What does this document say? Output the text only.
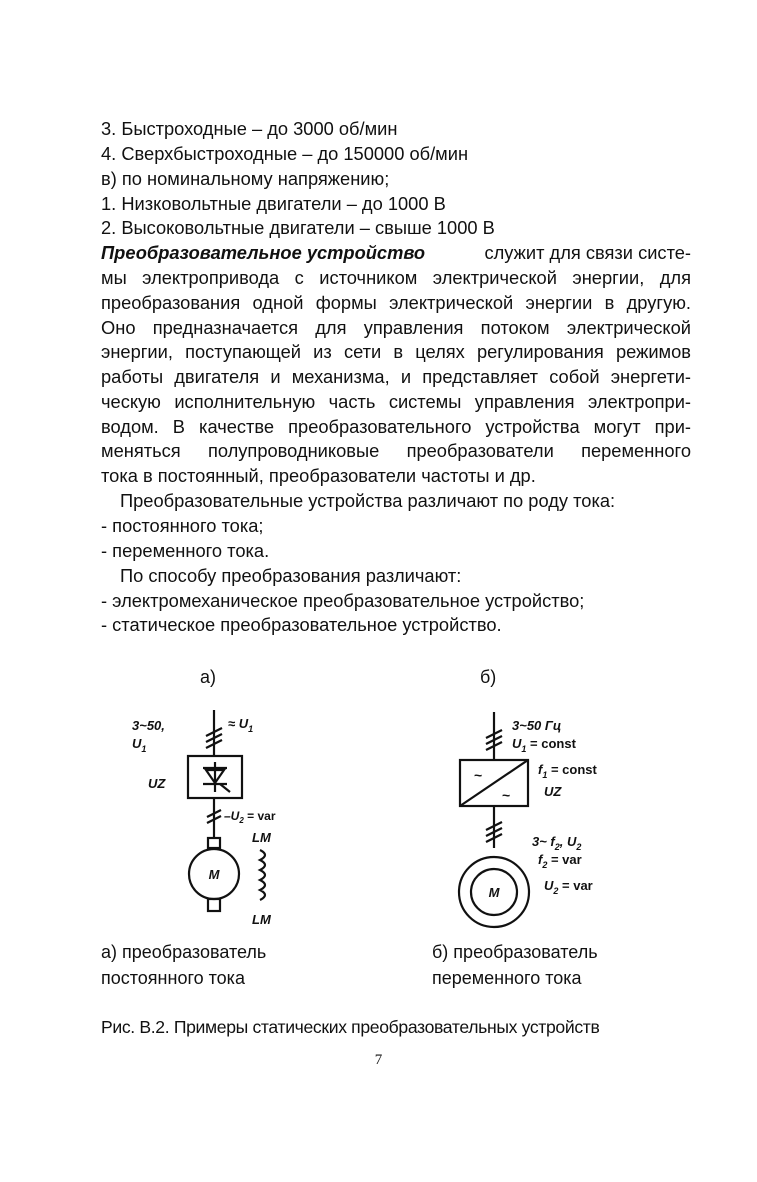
3. Быстроходные – до 3000 об/мин
4. Сверхбыстроходные – до 150000 об/мин
в) по номинальному напряжению;
1. Низковольтные двигатели – до 1000 В
2. Высоковольтные двигатели – свыше 1000 В
Преобразовательное устройство	служит для связи систе-
мы электропривода с источником электрической энергии, для
преобразования одной формы электрической энергии в другую.
Оно предназначается для управления потоком электрической
энергии, поступающей из сети в целях регулирования режимов
работы двигателя и механизма, и представляет собой энергети-
ческую исполнительную часть системы управления электропри-
водом. В качестве преобразовательного устройства могут при-
меняться полупроводниковые преобразователи переменного
тока в постоянный, преобразователи частоты и др.
Преобразовательные устройства различают по роду тока:
- постоянного тока;
- переменного тока.
По способу преобразования различают:
- электромеханическое преобразовательное устройство;
- статическое преобразовательное устройство.
а)	б)
3~50,
$U_1$
≈ $U_1$
UZ
$-U_2$ = var
M
LM
LM
~
~
3~50 Гц
$U_1$ = const
$f_1$ = const
UZ
3~ $f_2$, $U_2$
$f_2$ = var
$U_2$ = var
M
а) преобразователь
постоянного тока
б) преобразователь
переменного тока
Рис. В.2. Примеры статических преобразовательных устройств
7
